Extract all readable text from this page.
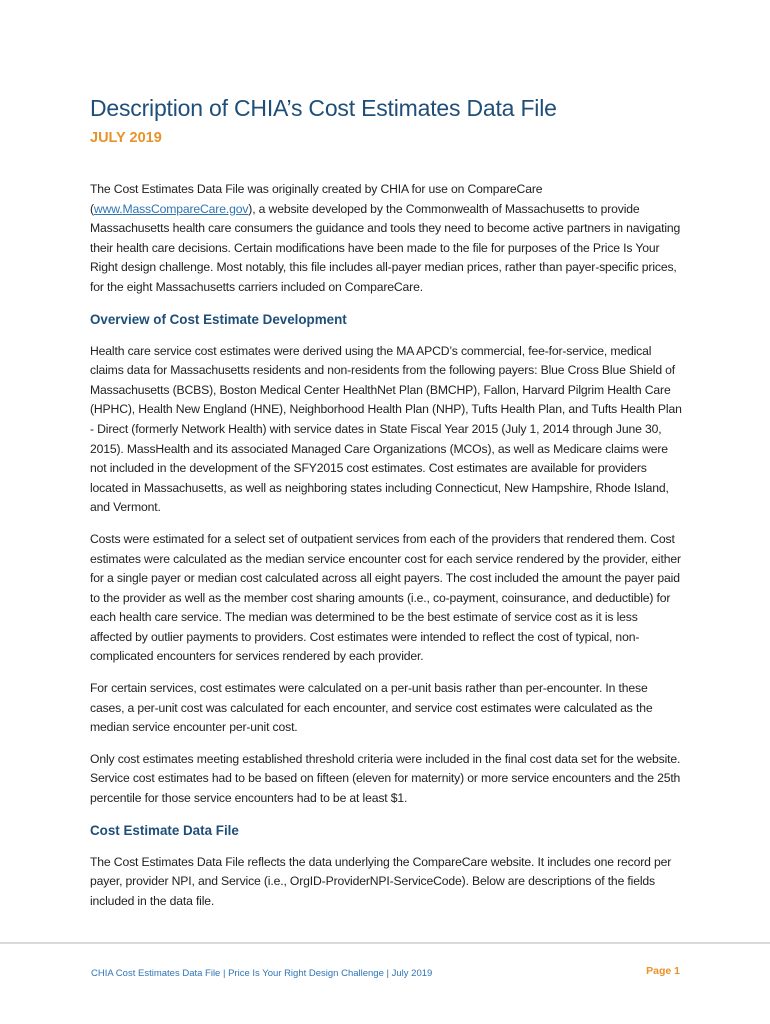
Description of CHIA’s Cost Estimates Data File
JULY 2019

The Cost Estimates Data File was originally created by CHIA for use on CompareCare (www.MassCompareCare.gov), a website developed by the Commonwealth of Massachusetts to provide Massachusetts health care consumers the guidance and tools they need to become active partners in navigating their health care decisions. Certain modifications have been made to the file for purposes of the Price Is Your Right design challenge. Most notably, this file includes all-payer median prices, rather than payer-specific prices, for the eight Massachusetts carriers included on CompareCare.

Overview of Cost Estimate Development

Health care service cost estimates were derived using the MA APCD’s commercial, fee-for-service, medical claims data for Massachusetts residents and non-residents from the following payers: Blue Cross Blue Shield of Massachusetts (BCBS), Boston Medical Center HealthNet Plan (BMCHP), Fallon, Harvard Pilgrim Health Care (HPHC), Health New England (HNE), Neighborhood Health Plan (NHP), Tufts Health Plan, and Tufts Health Plan - Direct (formerly Network Health) with service dates in State Fiscal Year 2015 (July 1, 2014 through June 30, 2015). MassHealth and its associated Managed Care Organizations (MCOs), as well as Medicare claims were not included in the development of the SFY2015 cost estimates. Cost estimates are available for providers located in Massachusetts, as well as neighboring states including Connecticut, New Hampshire, Rhode Island, and Vermont.

Costs were estimated for a select set of outpatient services from each of the providers that rendered them. Cost estimates were calculated as the median service encounter cost for each service rendered by the provider, either for a single payer or median cost calculated across all eight payers. The cost included the amount the payer paid to the provider as well as the member cost sharing amounts (i.e., co-payment, coinsurance, and deductible) for each health care service. The median was determined to be the best estimate of service cost as it is less affected by outlier payments to providers. Cost estimates were intended to reflect the cost of typical, non-complicated encounters for services rendered by each provider.

For certain services, cost estimates were calculated on a per-unit basis rather than per-encounter. In these cases, a per-unit cost was calculated for each encounter, and service cost estimates were calculated as the median service encounter per-unit cost.

Only cost estimates meeting established threshold criteria were included in the final cost data set for the website. Service cost estimates had to be based on fifteen (eleven for maternity) or more service encounters and the 25th percentile for those service encounters had to be at least $1.

Cost Estimate Data File

The Cost Estimates Data File reflects the data underlying the CompareCare website. It includes one record per payer, provider NPI, and Service (i.e., OrgID-ProviderNPI-ServiceCode). Below are descriptions of the fields included in the data file.

CHIA Cost Estimates Data File | Price Is Your Right Design Challenge | July 2019	Page 1
